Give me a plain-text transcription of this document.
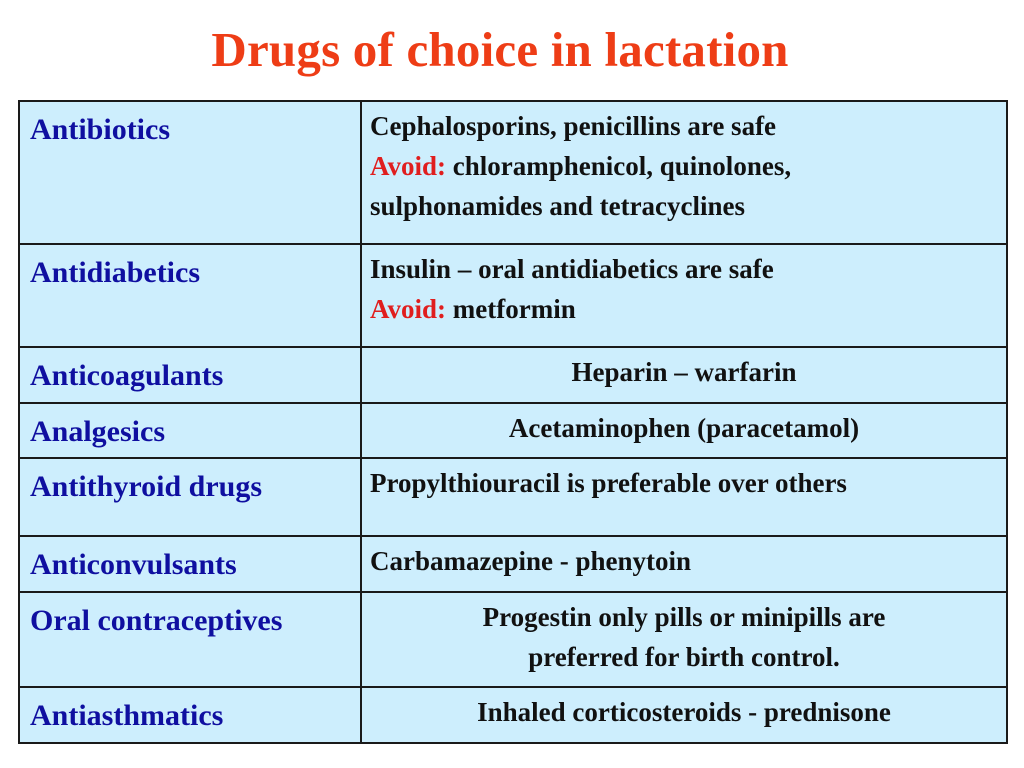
Drugs of choice in lactation
Antibiotics	Cephalosporins, penicillins are safe
Avoid: chloramphenicol, quinolones,
sulphonamides and tetracyclines

Antidiabetics	Insulin – oral antidiabetics are safe
Avoid: metformin

Anticoagulants	Heparin – warfarin

Analgesics	Acetaminophen (paracetamol)

Antithyroid drugs	Propylthiouracil is preferable over others

Anticonvulsants	Carbamazepine - phenytoin

Oral contraceptives	Progestin only pills or minipills are
preferred for birth control.

Antiasthmatics	Inhaled corticosteroids - prednisone
